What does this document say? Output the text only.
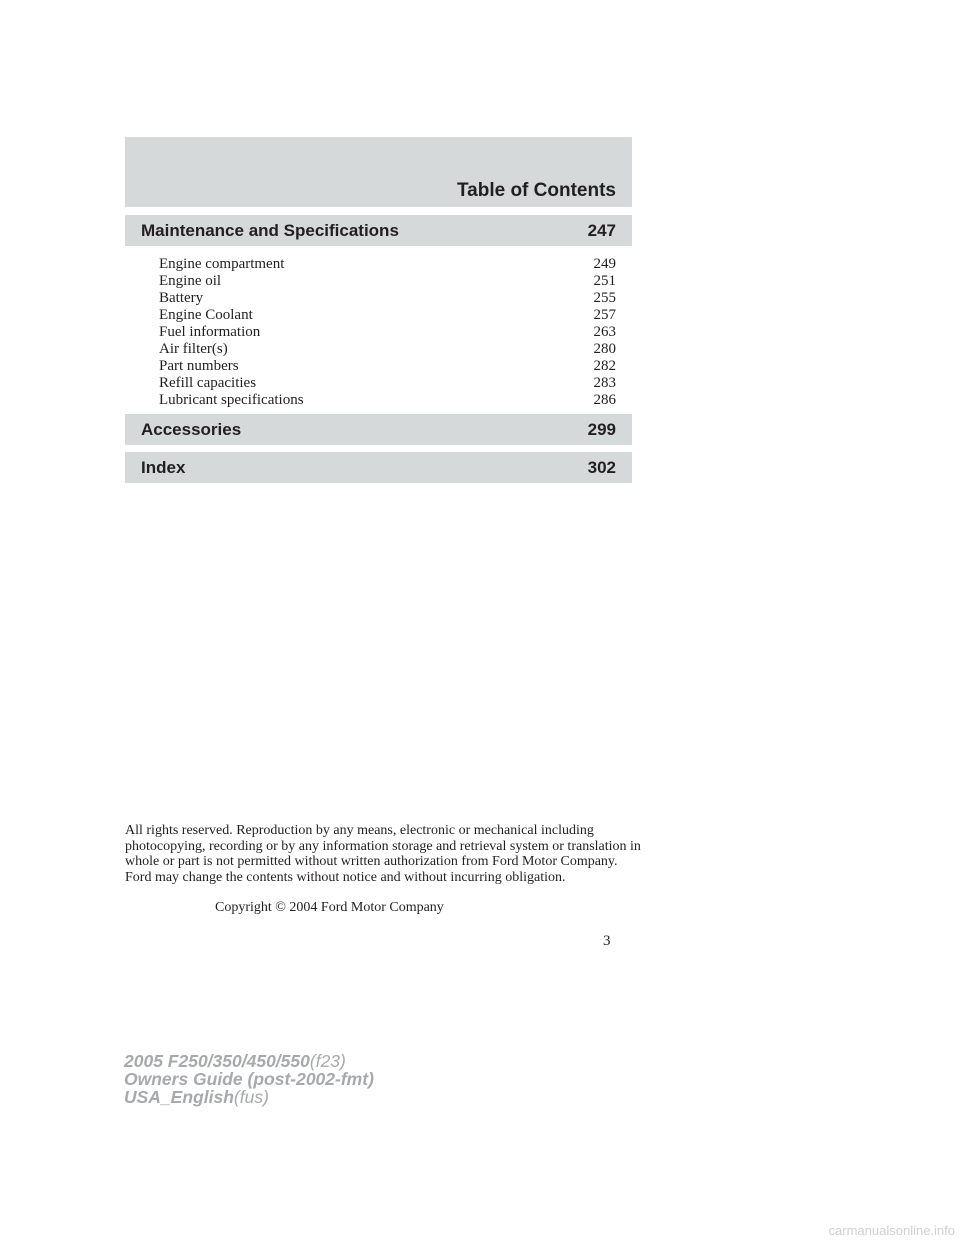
Table of Contents
Maintenance and Specifications	247
Engine compartment	249
Engine oil	251
Battery	255
Engine Coolant	257
Fuel information	263
Air filter(s)	280
Part numbers	282
Refill capacities	283
Lubricant specifications	286
Accessories	299
Index	302
All rights reserved. Reproduction by any means, electronic or mechanical including photocopying, recording or by any information storage and retrieval system or translation in whole or part is not permitted without written authorization from Ford Motor Company. Ford may change the contents without notice and without incurring obligation.
Copyright © 2004 Ford Motor Company
3
2005 F250/350/450/550(f23)
Owners Guide (post-2002-fmt)
USA_English(fus)
carmanualsonline.info
